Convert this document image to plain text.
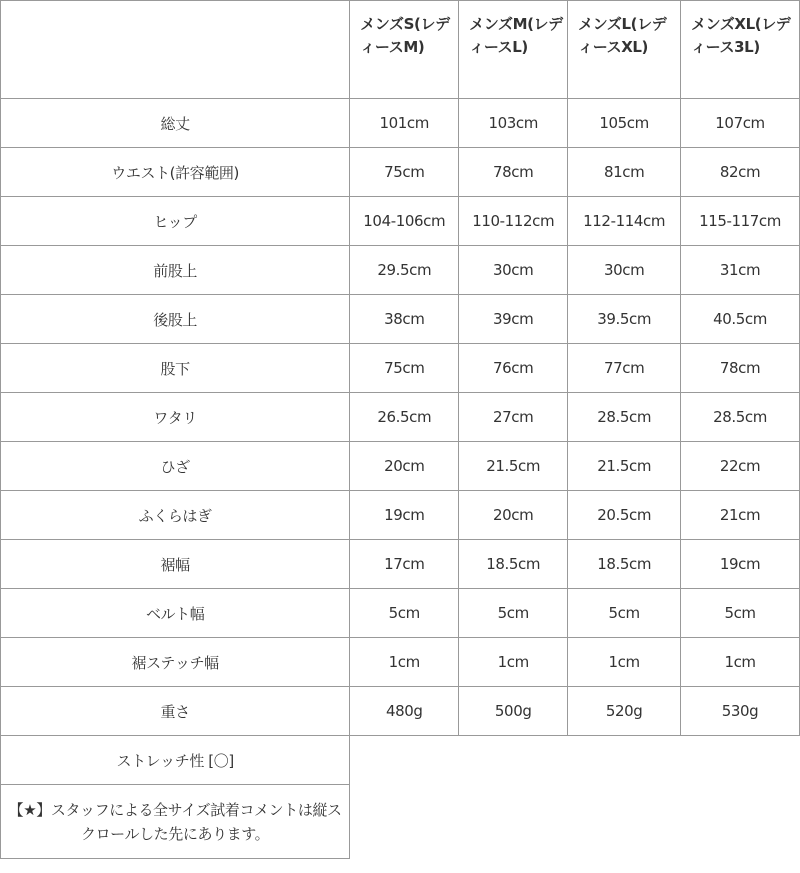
	メンズS(レディースM)	メンズM(レディースL)	メンズL(レディースXL)	メンズXL(レディース3L)
総丈	101cm	103cm	105cm	107cm
ウエスト(許容範囲)	75cm	78cm	81cm	82cm
ヒップ	104-106cm	110-112cm	112-114cm	115-117cm
前股上	29.5cm	30cm	30cm	31cm
後股上	38cm	39cm	39.5cm	40.5cm
股下	75cm	76cm	77cm	78cm
ワタリ	26.5cm	27cm	28.5cm	28.5cm
ひざ	20cm	21.5cm	21.5cm	22cm
ふくらはぎ	19cm	20cm	20.5cm	21cm
裾幅	17cm	18.5cm	18.5cm	19cm
ベルト幅	5cm	5cm	5cm	5cm
裾ステッチ幅	1cm	1cm	1cm	1cm
重さ	480g	500g	520g	530g
ストレッチ性 [〇]				
【★】スタッフによる全サイズ試着コメントは縦スクロールした先にあります。				
